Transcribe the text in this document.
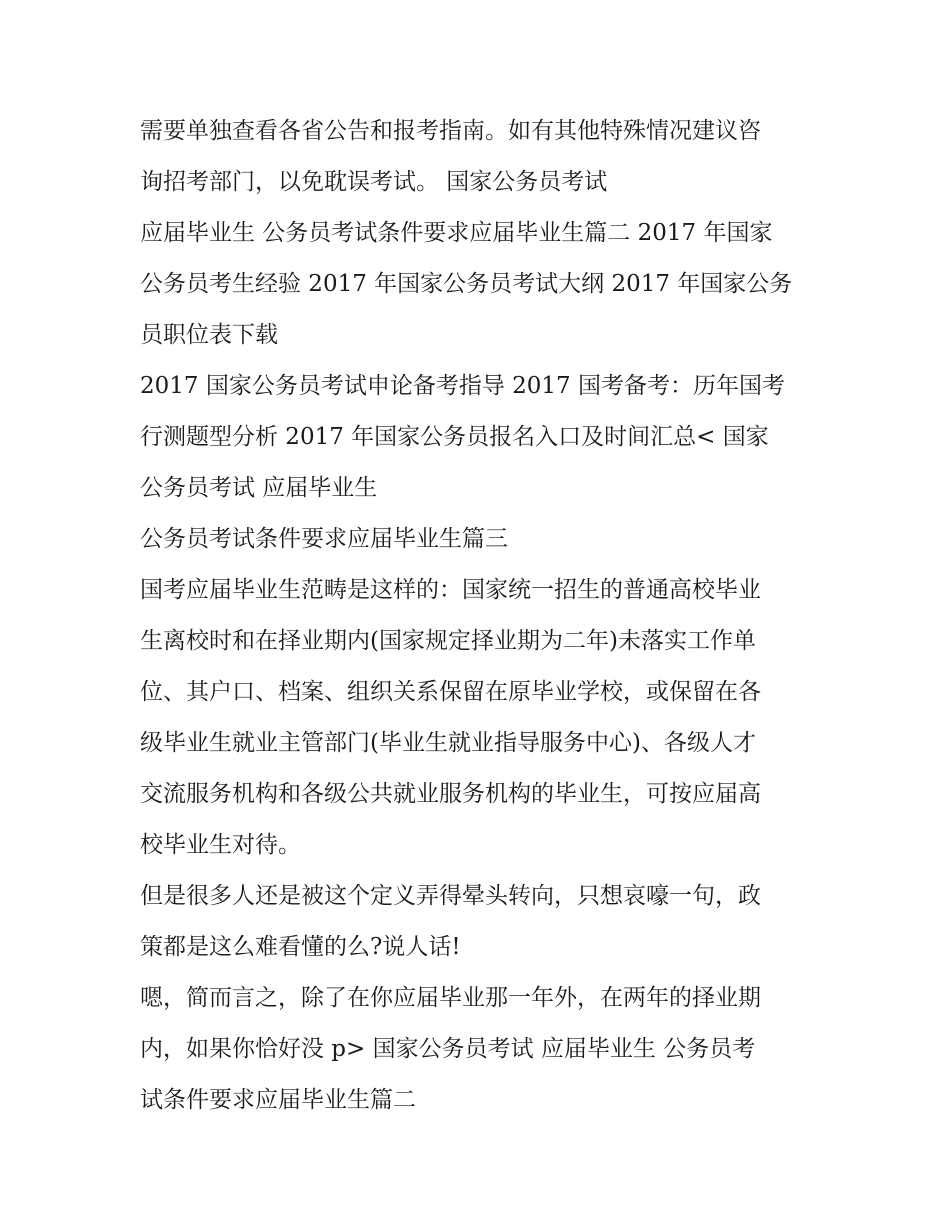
需要单独查看各省公告和报考指南。如有其他特殊情况建议咨
询招考部门，以免耽误考试。 国家公务员考试
应届毕业生 公务员考试条件要求应届毕业生篇二 2017 年国家
公务员考生经验 2017 年国家公务员考试大纲 2017 年国家公务
员职位表下载
2017 国家公务员考试申论备考指导 2017 国考备考：历年国考
行测题型分析 2017 年国家公务员报名入口及时间汇总< 国家
公务员考试 应届毕业生
公务员考试条件要求应届毕业生篇三
国考应届毕业生范畴是这样的：国家统一招生的普通高校毕业
生离校时和在择业期内(国家规定择业期为二年)未落实工作单
位、其户口、档案、组织关系保留在原毕业学校，或保留在各
级毕业生就业主管部门(毕业生就业指导服务中心)、各级人才
交流服务机构和各级公共就业服务机构的毕业生，可按应届高
校毕业生对待。
但是很多人还是被这个定义弄得晕头转向，只想哀嚎一句，政
策都是这么难看懂的么?说人话!
嗯，简而言之，除了在你应届毕业那一年外，在两年的择业期
内，如果你恰好没 p> 国家公务员考试 应届毕业生 公务员考
试条件要求应届毕业生篇二
